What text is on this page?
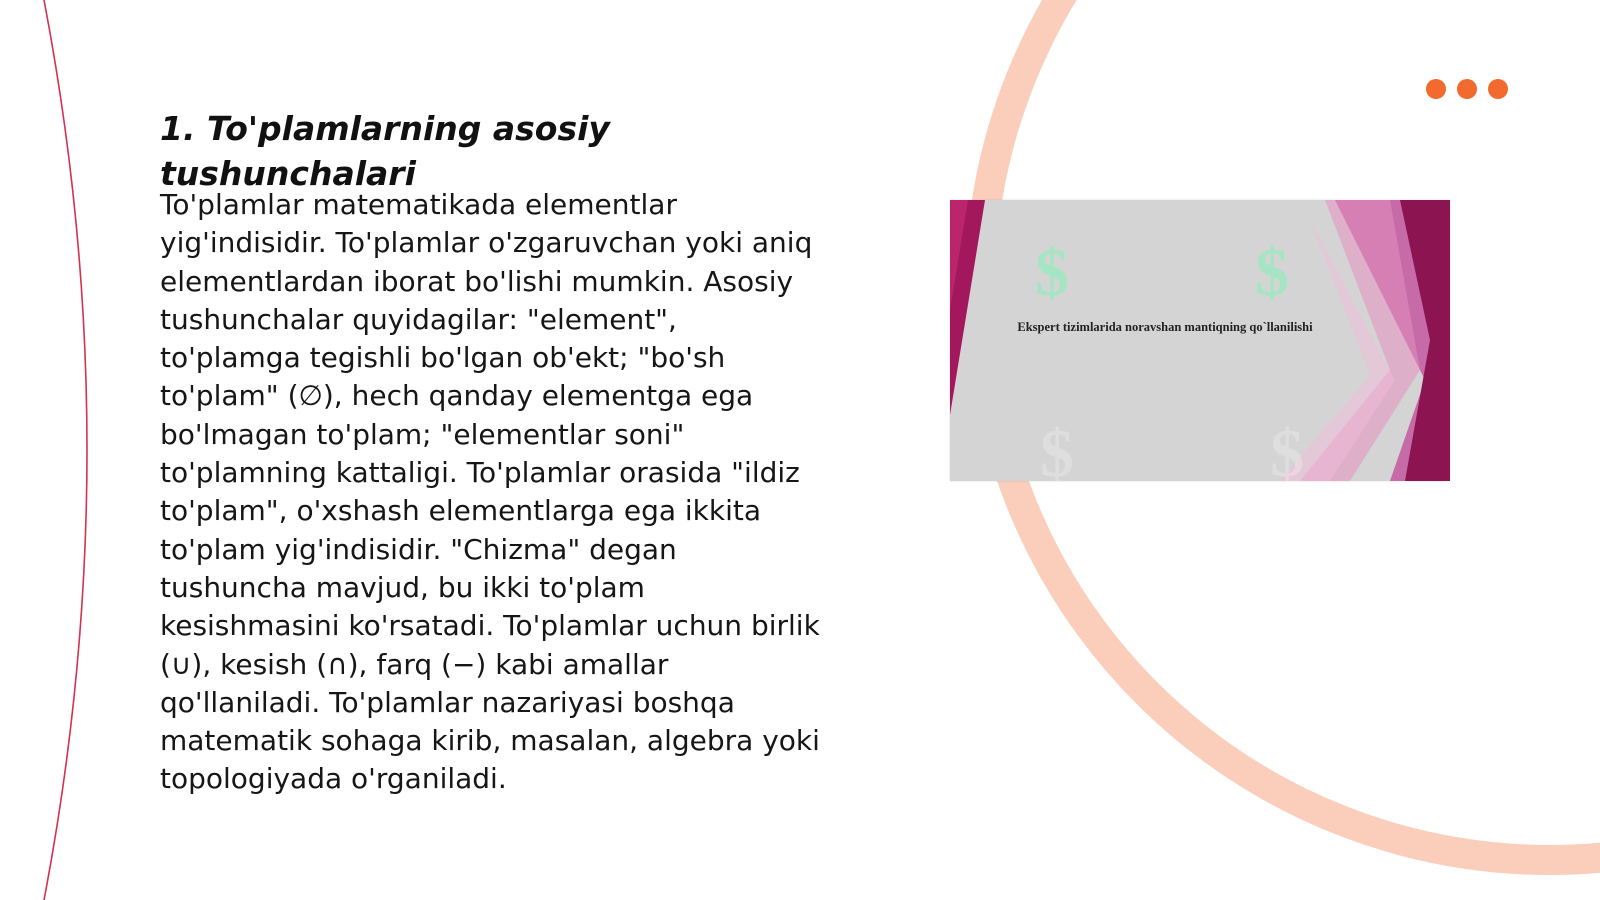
1. To'plamlarning asosiy tushunchalari

To'plamlar matematikada elementlar yig'indisidir. To'plamlar o'zgaruvchan yoki aniq elementlardan iborat bo'lishi mumkin. Asosiy tushunchalar quyidagilar: "element", to'plamga tegishli bo'lgan ob'ekt; "bo'sh to'plam" (∅), hech qanday elementga ega bo'lmagan to'plam; "elementlar soni" to'plamning kattaligi. To'plamlar orasida "ildiz to'plam", o'xshash elementlarga ega ikkita to'plam yig'indisidir. "Chizma" degan tushuncha mavjud, bu ikki to'plam kesishmasini ko'rsatadi. To'plamlar uchun birlik (∪), kesish (∩), farq (−) kabi amallar qo'llaniladi. To'plamlar nazariyasi boshqa matematik sohaga kirib, masalan, algebra yoki topologiyada o'rganiladi.

$	$
$	$
Ekspert tizimlarida noravshan mantiqning qo`llanilishi
